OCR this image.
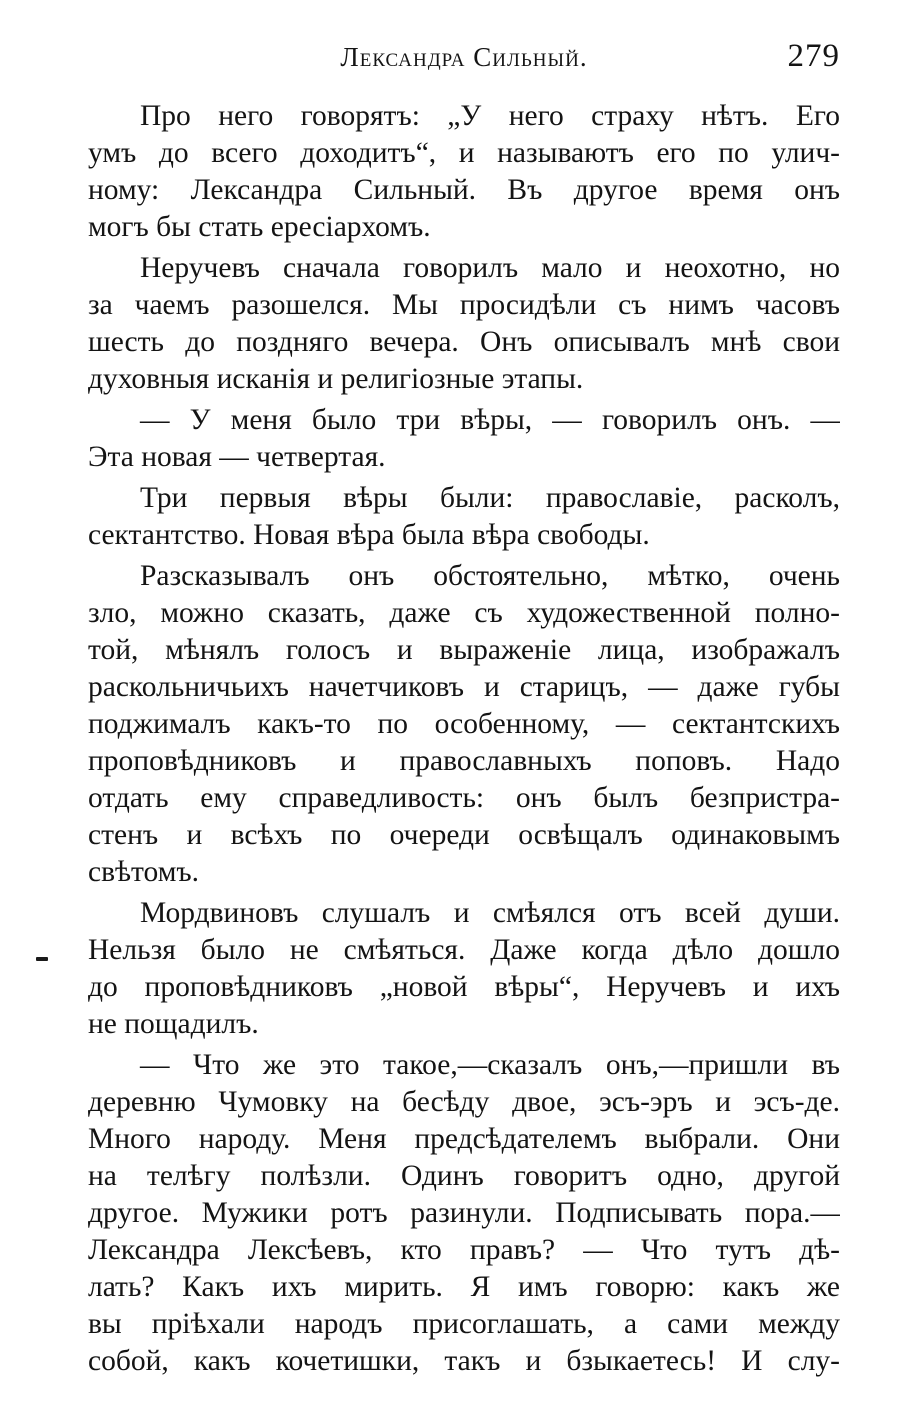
Лександра Сильный.	279
Про него говорятъ: „У него страху нѣтъ. Его
умъ до всего доходитъ“, и называютъ его по улич-
ному: Лександра Сильный. Въ другое время онъ
могъ бы стать ересіархомъ.
Неручевъ сначала говорилъ мало и неохотно, но
за чаемъ разошелся. Мы просидѣли съ нимъ часовъ
шесть до поздняго вечера. Онъ описывалъ мнѣ свои
духовныя исканія и религіозные этапы.
— У меня было три вѣры, — говорилъ онъ. —
Эта новая — четвертая.
Три первыя вѣры были: православіе, расколъ,
сектантство. Новая вѣра была вѣра свободы.
Разсказывалъ онъ обстоятельно, мѣтко, очень
зло, можно сказать, даже съ художественной полно-
той, мѣнялъ голосъ и выраженіе лица, изображалъ
раскольничьихъ начетчиковъ и старицъ, — даже губы
поджималъ какъ-то по особенному, — сектантскихъ
проповѣдниковъ и православныхъ поповъ. Надо
отдать ему справедливость: онъ былъ безпристра-
стенъ и всѣхъ по очереди освѣщалъ одинаковымъ
свѣтомъ.
Мордвиновъ слушалъ и смѣялся отъ всей души.
Нельзя было не смѣяться. Даже когда дѣло дошло
до проповѣдниковъ „новой вѣры“, Неручевъ и ихъ
не пощадилъ.
— Что же это такое,—сказалъ онъ,—пришли въ
деревню Чумовку на бесѣду двое, эсъ-эръ и эсъ-де.
Много народу. Меня предсѣдателемъ выбрали. Они
на телѣгу полѣзли. Одинъ говоритъ одно, другой
другое. Мужики ротъ разинули. Подписывать пора.—
Лександра Лексѣевъ, кто правъ? — Что тутъ дѣ-
лать? Какъ ихъ мирить. Я имъ говорю: какъ же
вы пріѣхали народъ присоглашать, а сами между
собой, какъ кочетишки, такъ и бзыкаетесь! И слу-
